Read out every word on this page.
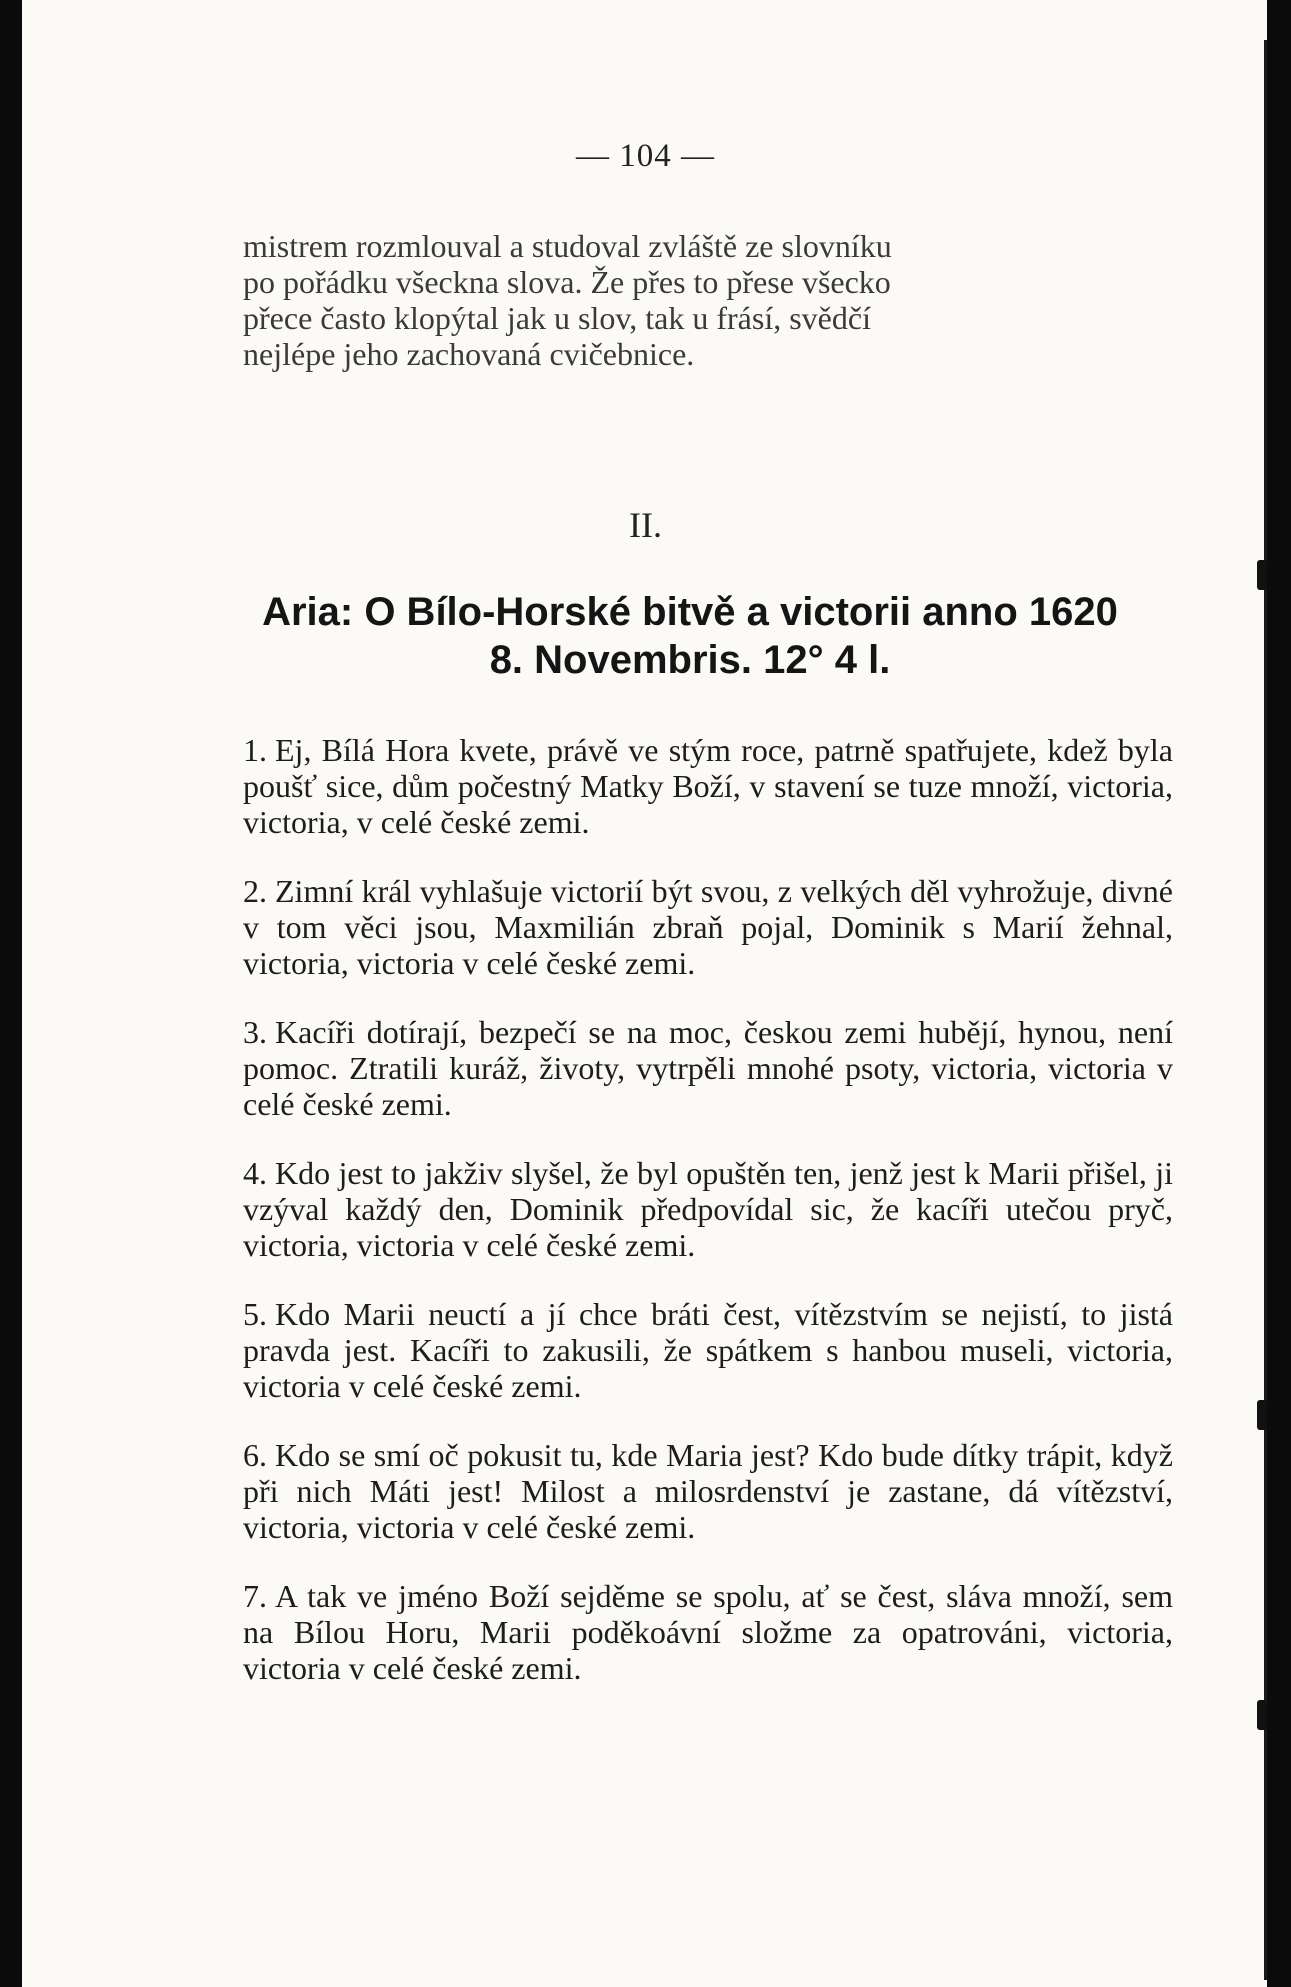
— 104 —
mistrem rozmlouval a studoval zvláště ze slovníku
po pořádku všeckna slova. Že přes to přese všecko
přece často klopýtal jak u slov, tak u frásí, svědčí
nejlépe jeho zachovaná cvičebnice.
II.
Aria: O Bílo-Horské bitvě a victorii anno 1620
8. Novembris. 12° 4 l.

1. Ej, Bílá Hora kvete, právě ve stým roce, patrně spatřujete, kdež byla poušť sice, dům počestný Matky Boží, v stavení se tuze množí, victoria, victoria, v celé české zemi.

2. Zimní král vyhlašuje victorií být svou, z velkých děl vyhrožuje, divné v tom věci jsou, Maxmilián zbraň pojal, Dominik s Marií žehnal, victoria, victoria v celé české zemi.

3. Kacíři dotírají, bezpečí se na moc, českou zemi hubějí, hynou, není pomoc. Ztratili kuráž, životy, vytrpěli mnohé psoty, victoria, victoria v celé české zemi.

4. Kdo jest to jakživ slyšel, že byl opuštěn ten, jenž jest k Marii přišel, ji vzýval každý den, Dominik předpovídal sic, že kacíři utečou pryč, victoria, victoria v celé české zemi.

5. Kdo Marii neuctí a jí chce bráti čest, vítězstvím se nejistí, to jistá pravda jest. Kacíři to zakusili, že spátkem s hanbou museli, victoria, victoria v celé české zemi.

6. Kdo se smí oč pokusit tu, kde Maria jest? Kdo bude dítky trápit, když při nich Máti jest! Milost a milosrdenství je zastane, dá vítězství, victoria, victoria v celé české zemi.

7. A tak ve jméno Boží sejděme se spolu, ať se čest, sláva množí, sem na Bílou Horu, Marii poděkoávní složme za opatrováni, victoria, victoria v celé české zemi.
